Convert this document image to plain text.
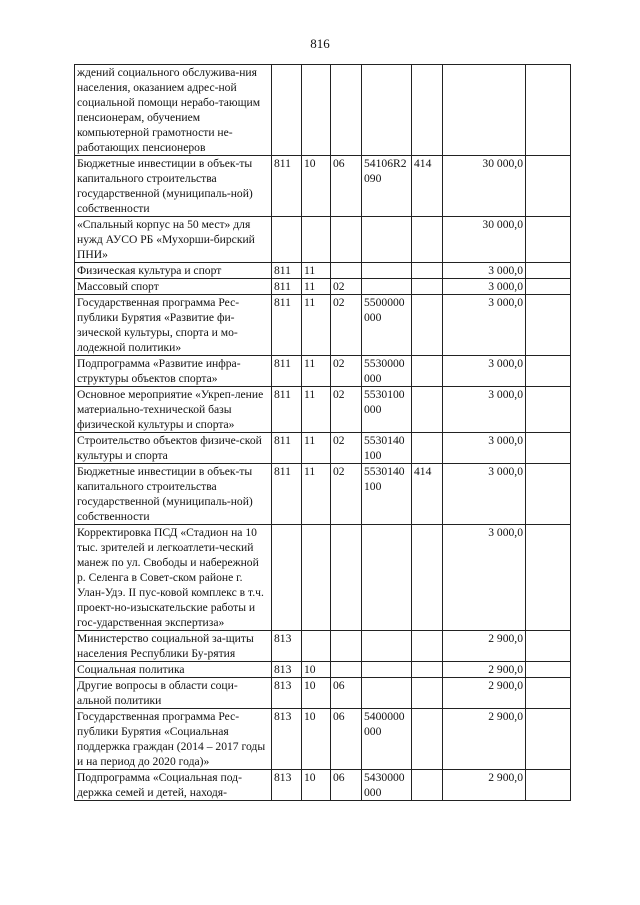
816
ждений социального обслужива-ния населения, оказанием адрес-ной социальной помощи нерабо-тающим пенсионерам, обучением компьютерной грамотности не-работающих пенсионеров							
Бюджетные инвестиции в объек-ты капитального строительства государственной (муниципаль-ной) собственности	811	10	06	54106R2 090	414	30 000,0	
«Спальный корпус на 50 мест» для нужд АУСО РБ «Мухорши-бирский ПНИ»						30 000,0	
Физическая культура и спорт	811	11				3 000,0	
Массовый спорт	811	11	02			3 000,0	
Государственная программа Рес-публики Бурятия «Развитие фи-зической культуры, спорта и мо-лодежной политики»	811	11	02	5500000 000		3 000,0	
Подпрограмма «Развитие инфра-структуры объектов спорта»	811	11	02	5530000 000		3 000,0	
Основное мероприятие «Укреп-ление материально-технической базы физической культуры и спорта»	811	11	02	5530100 000		3 000,0	
Строительство объектов физиче-ской культуры и спорта	811	11	02	5530140 100		3 000,0	
Бюджетные инвестиции в объек-ты капитального строительства государственной (муниципаль-ной) собственности	811	11	02	5530140 100	414	3 000,0	
Корректировка ПСД «Стадион на 10 тыс. зрителей и легкоатлети-ческий манеж по ул. Свободы и набережной р. Селенга в Совет-ском районе г. Улан-Удэ. II пус-ковой комплекс в т.ч. проект-но-изыскательские работы и гос-ударственная экспертиза»						3 000,0	
Министерство социальной за-щиты населения Республики Бу-рятия	813					2 900,0	
Социальная политика	813	10				2 900,0	
Другие вопросы в области соци-альной политики	813	10	06			2 900,0	
Государственная программа Рес-публики Бурятия «Социальная поддержка граждан (2014 – 2017 годы и на период до 2020 года)»	813	10	06	5400000 000		2 900,0	
Подпрограмма «Социальная под-держка семей и детей, находя-	813	10	06	5430000 000		2 900,0	
